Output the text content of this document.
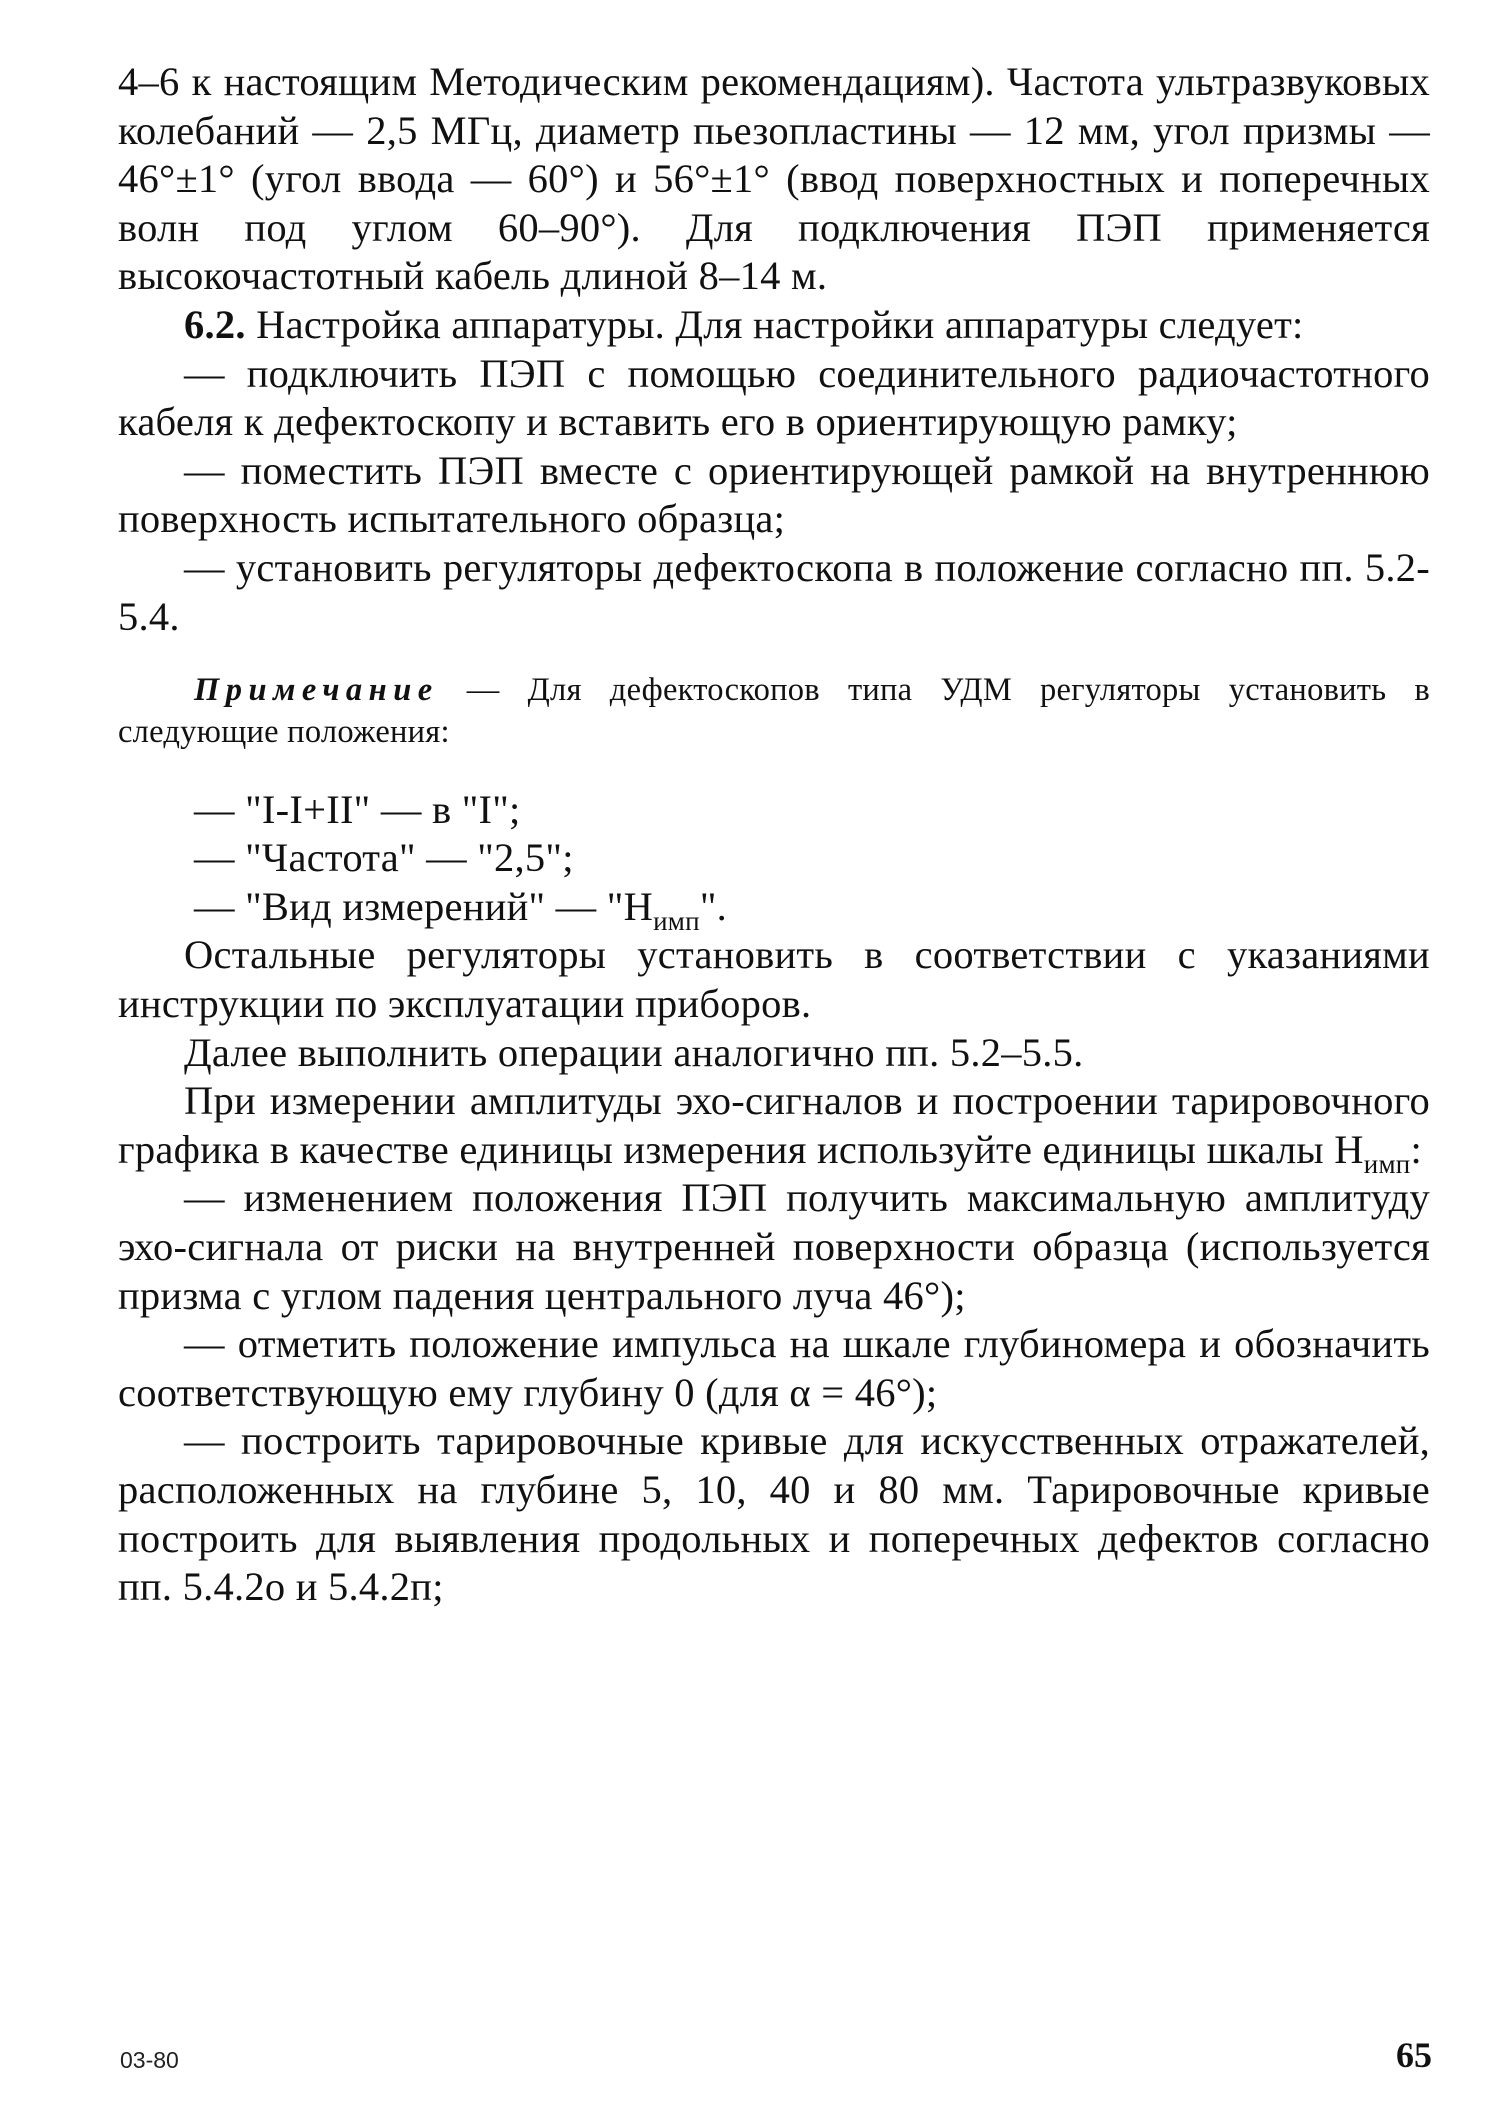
4–6 к настоящим Методическим рекомендациям). Частота ультразвуковых колебаний — 2,5 МГц, диаметр пьезопластины — 12 мм, угол призмы — 46°±1° (угол ввода — 60°) и 56°±1° (ввод поверхностных и поперечных волн под углом 60–90°). Для подключения ПЭП применяется высокочастотный кабель длиной 8–14 м.

6.2. Настройка аппаратуры. Для настройки аппаратуры следует:

— подключить ПЭП с помощью соединительного радиочастотного кабеля к дефектоскопу и вставить его в ориентирующую рамку;

— поместить ПЭП вместе с ориентирующей рамкой на внутреннюю поверхность испытательного образца;

— установить регуляторы дефектоскопа в положение согласно пп. 5.2-5.4.

Примечание — Для дефектоскопов типа УДМ регуляторы установить в следующие положения:

— "I-I+II" — в "I";

— "Частота" — "2,5";

— "Вид измерений" — "$Н_{имп}$".

Остальные регуляторы установить в соответствии с указаниями инструкции по эксплуатации приборов.

Далее выполнить операции аналогично пп. 5.2–5.5.

При измерении амплитуды эхо-сигналов и построении тарировочного графика в качестве единицы измерения используйте единицы шкалы $Н_{имп}$:

— изменением положения ПЭП получить максимальную амплитуду эхо-сигнала от риски на внутренней поверхности образца (используется призма с углом падения центрального луча 46°);

— отметить положение импульса на шкале глубиномера и обозначить соответствующую ему глубину 0 (для α = 46°);

— построить тарировочные кривые для искусственных отражателей, расположенных на глубине 5, 10, 40 и 80 мм. Тарировочные кривые построить для выявления продольных и поперечных дефектов согласно пп. 5.4.2о и 5.4.2п;

03-80	65
